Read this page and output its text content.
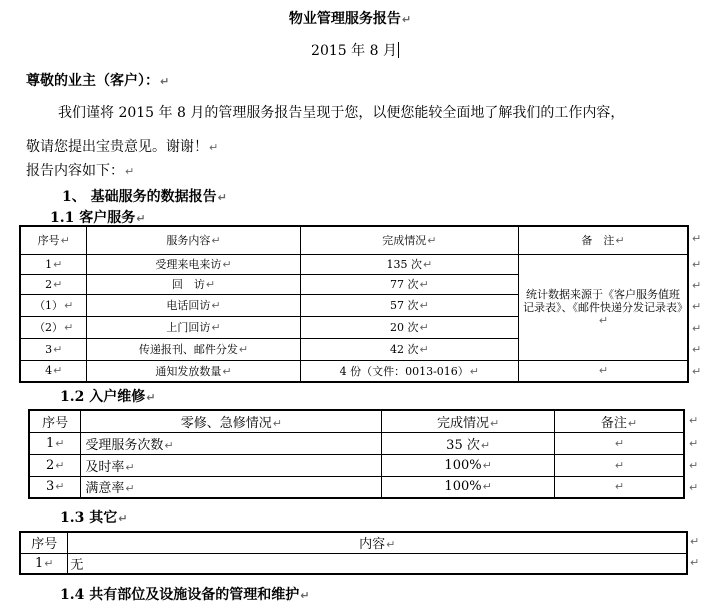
物业管理服务报告↵
2015 年 8 月
尊敬的业主（客户）：↵
我们谨将 2015 年 8 月的管理服务报告呈现于您，以便您能较全面地了解我们的工作内容，
敬请您提出宝贵意见。谢谢！↵
报告内容如下：↵
1、 基础服务的数据报告↵
1.1 客户服务↵
序号↵	服务内容↵	完成情况↵	备　注↵
1↵	受理来电来访↵	135 次↵	统计数据来源于《客户服务值班记录表》、《邮件快递分发记录表》↵
2↵	回　访↵	77 次↵	
（1）↵	电话回访↵	57 次↵	
（2）↵	上门回访↵	20 次↵	
3↵	传递报刊、邮件分发↵	42 次↵	
4↵	通知发放数量↵	4 份（文件：0013-016）↵	↵
1.2 入户维修↵
序号	零修、急修情况↵	完成情况↵	备注↵
1↵	受理服务次数↵	35 次↵	↵
2↵	及时率↵	100%↵	↵
3↵	满意率↵	100%↵	↵
1.3 其它↵
序号	内容↵
1↵	无
1.4 共有部位及设施设备的管理和维护↵
↵
↵
↵
↵
↵
↵
↵
↵
↵
↵
↵
↵
↵
